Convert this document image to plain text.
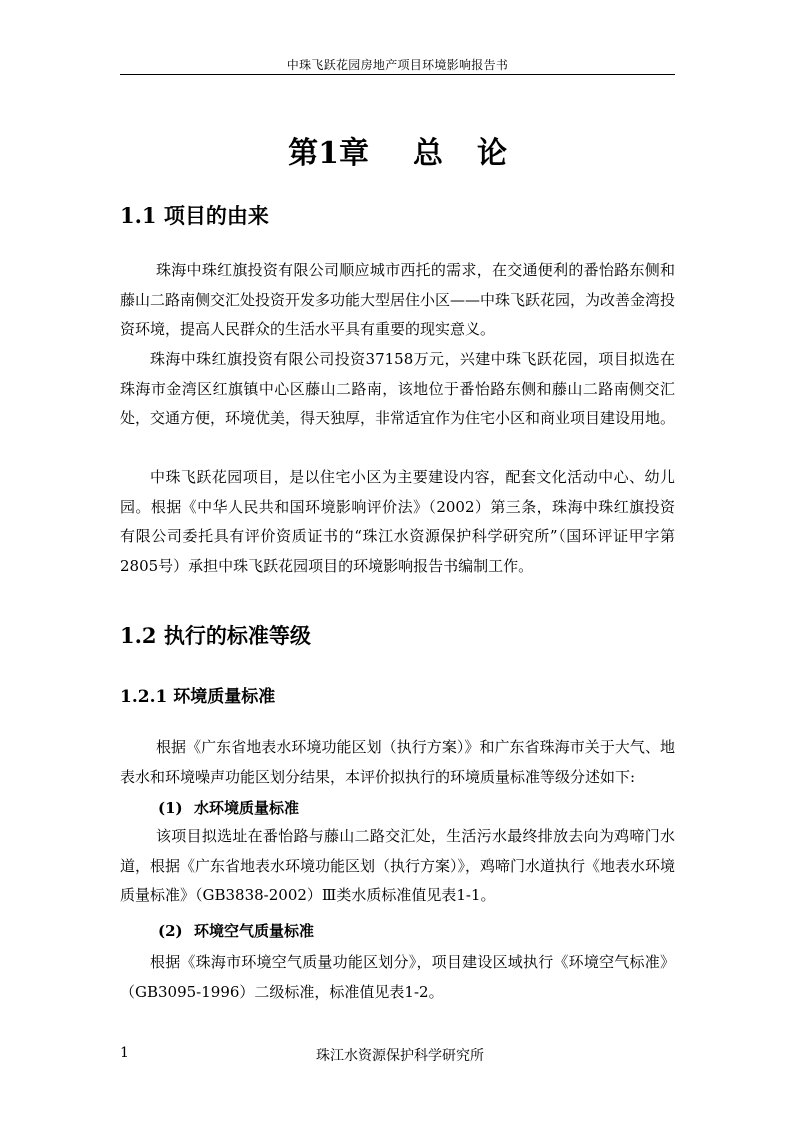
中珠飞跃花园房地产项目环境影响报告书
第1章 总 论
1.1 项目的由来
珠海中珠红旗投资有限公司顺应城市西托的需求，在交通便利的番怡路东侧和藤山二路南侧交汇处投资开发多功能大型居住小区——中珠飞跃花园，为改善金湾投资环境，提高人民群众的生活水平具有重要的现实意义。
珠海中珠红旗投资有限公司投资37158万元，兴建中珠飞跃花园，项目拟选在珠海市金湾区红旗镇中心区藤山二路南，该地位于番怡路东侧和藤山二路南侧交汇处，交通方便，环境优美，得天独厚，非常适宜作为住宅小区和商业项目建设用地。
中珠飞跃花园项目，是以住宅小区为主要建设内容，配套文化活动中心、幼儿园。根据《中华人民共和国环境影响评价法》（2002）第三条，珠海中珠红旗投资有限公司委托具有评价资质证书的“珠江水资源保护科学研究所”（国环评证甲字第2805号）承担中珠飞跃花园项目的环境影响报告书编制工作。
1.2 执行的标准等级
1.2.1 环境质量标准
根据《广东省地表水环境功能区划（执行方案）》和广东省珠海市关于大气、地表水和环境噪声功能区划分结果，本评价拟执行的环境质量标准等级分述如下:
(1) 水环境质量标准
该项目拟选址在番怡路与藤山二路交汇处，生活污水最终排放去向为鸡啼门水道，根据《广东省地表水环境功能区划（执行方案）》，鸡啼门水道执行《地表水环境质量标准》（GB3838-2002）Ⅲ类水质标准值见表1-1。
(2) 环境空气质量标准
根据《珠海市环境空气质量功能区划分》，项目建设区域执行《环境空气标准》（GB3095-1996）二级标准，标准值见表1-2。
1	珠江水资源保护科学研究所
